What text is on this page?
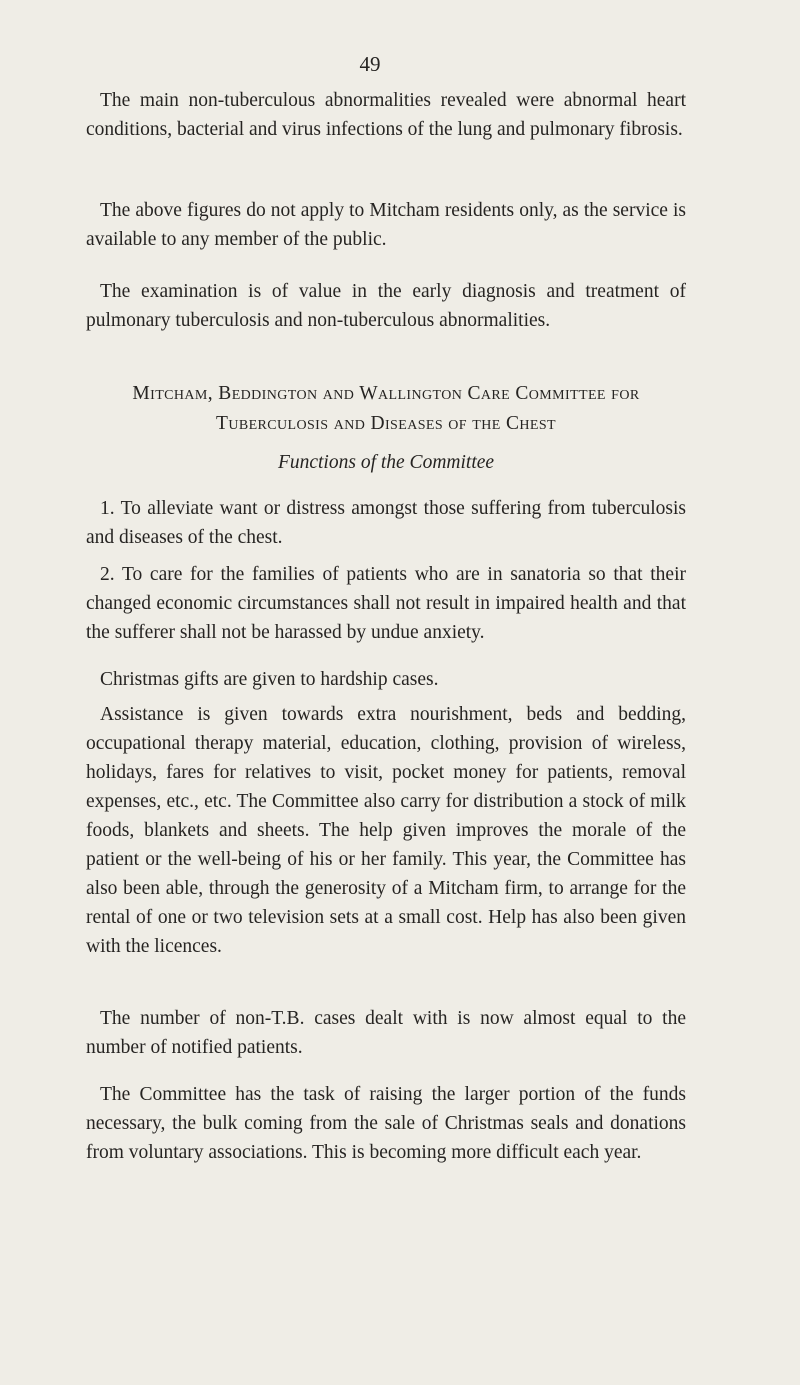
49

The main non-tuberculous abnormalities revealed were abnormal heart conditions, bacterial and virus infections of the lung and pulmonary fibrosis.

The above figures do not apply to Mitcham residents only, as the service is available to any member of the public.

The examination is of value in the early diagnosis and treatment of pulmonary tuberculosis and non-tuberculous abnormalities.

Mitcham, Beddington and Wallington Care Committee for
Tuberculosis and Diseases of the Chest
Functions of the Committee

1. To alleviate want or distress amongst those suffering from tuberculosis and diseases of the chest.

2. To care for the families of patients who are in sanatoria so that their changed economic circumstances shall not result in impaired health and that the sufferer shall not be harassed by undue anxiety.

Christmas gifts are given to hardship cases.

Assistance is given towards extra nourishment, beds and bedding, occupational therapy material, education, clothing, provision of wireless, holidays, fares for relatives to visit, pocket money for patients, removal expenses, etc., etc. The Committee also carry for distribution a stock of milk foods, blankets and sheets. The help given improves the morale of the patient or the well-being of his or her family. This year, the Committee has also been able, through the generosity of a Mitcham firm, to arrange for the rental of one or two television sets at a small cost. Help has also been given with the licences.

The number of non-T.B. cases dealt with is now almost equal to the number of notified patients.

The Committee has the task of raising the larger portion of the funds necessary, the bulk coming from the sale of Christmas seals and donations from voluntary associations. This is becoming more difficult each year.
